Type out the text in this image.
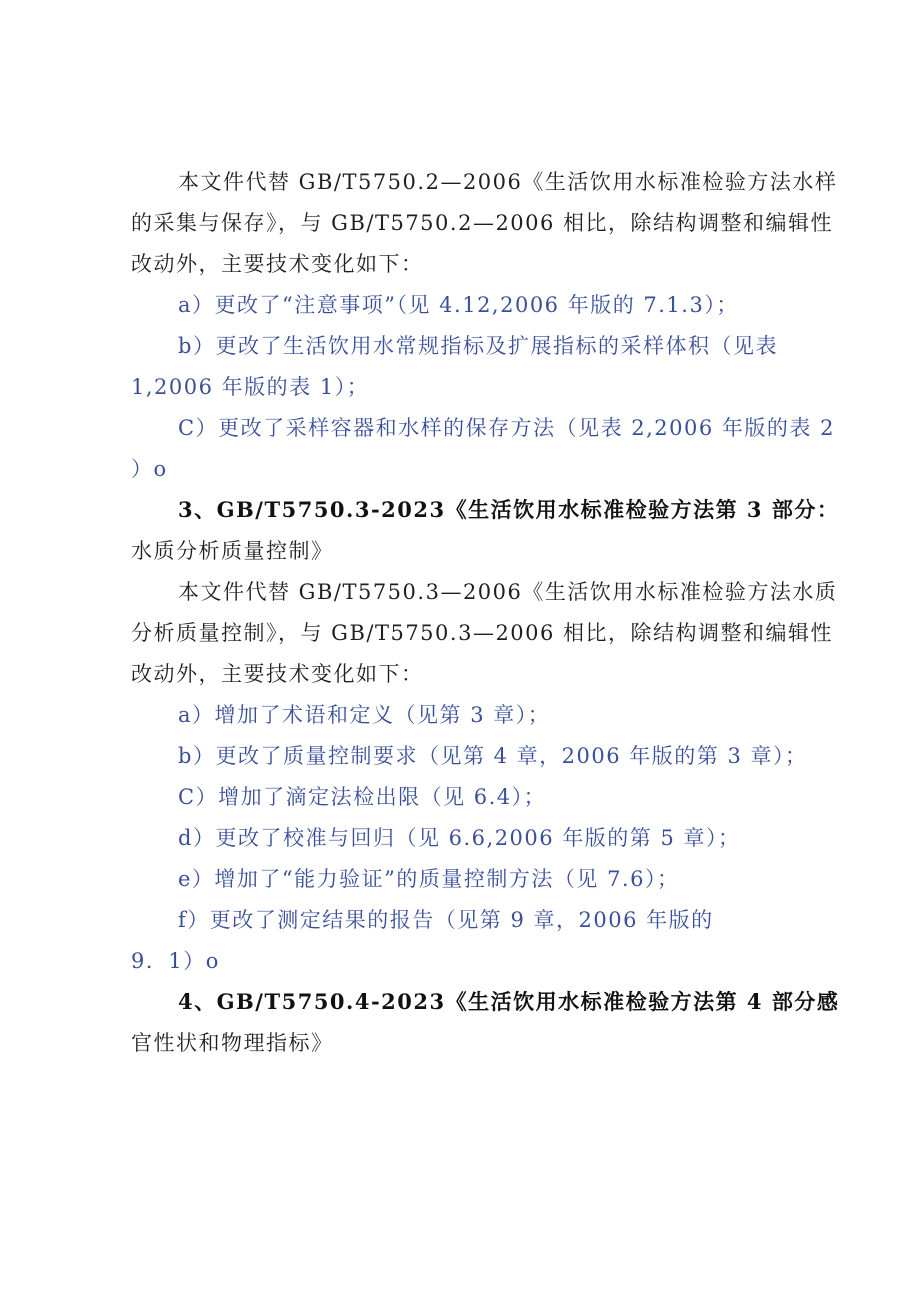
本文件代替 GB/T5750.2—2006《生活饮用水标准检验方法水样
的采集与保存》，与 GB/T5750.2—2006 相比，除结构调整和编辑性
改动外，主要技术变化如下：
a）更改了“注意事项”（见 4.12,2006 年版的 7.1.3）；
b）更改了生活饮用水常规指标及扩展指标的采样体积（见表
1,2006 年版的表 1）；
C）更改了采样容器和水样的保存方法（见表 2,2006 年版的表 2
）o
3、GB/T5750.3-2023《生活饮用水标准检验方法第 3 部分：
水质分析质量控制》
本文件代替 GB/T5750.3—2006《生活饮用水标准检验方法水质
分析质量控制》，与 GB/T5750.3—2006 相比，除结构调整和编辑性
改动外，主要技术变化如下：
a）增加了术语和定义（见第 3 章）；
b）更改了质量控制要求（见第 4 章，2006 年版的第 3 章）；
C）增加了滴定法检出限（见 6.4）；
d）更改了校准与回归（见 6.6,2006 年版的第 5 章）；
e）增加了“能力验证”的质量控制方法（见 7.6）；
f）更改了测定结果的报告（见第 9 章，2006 年版的
9．1）o
4、GB/T5750.4-2023《生活饮用水标准检验方法第 4 部分感
官性状和物理指标》
